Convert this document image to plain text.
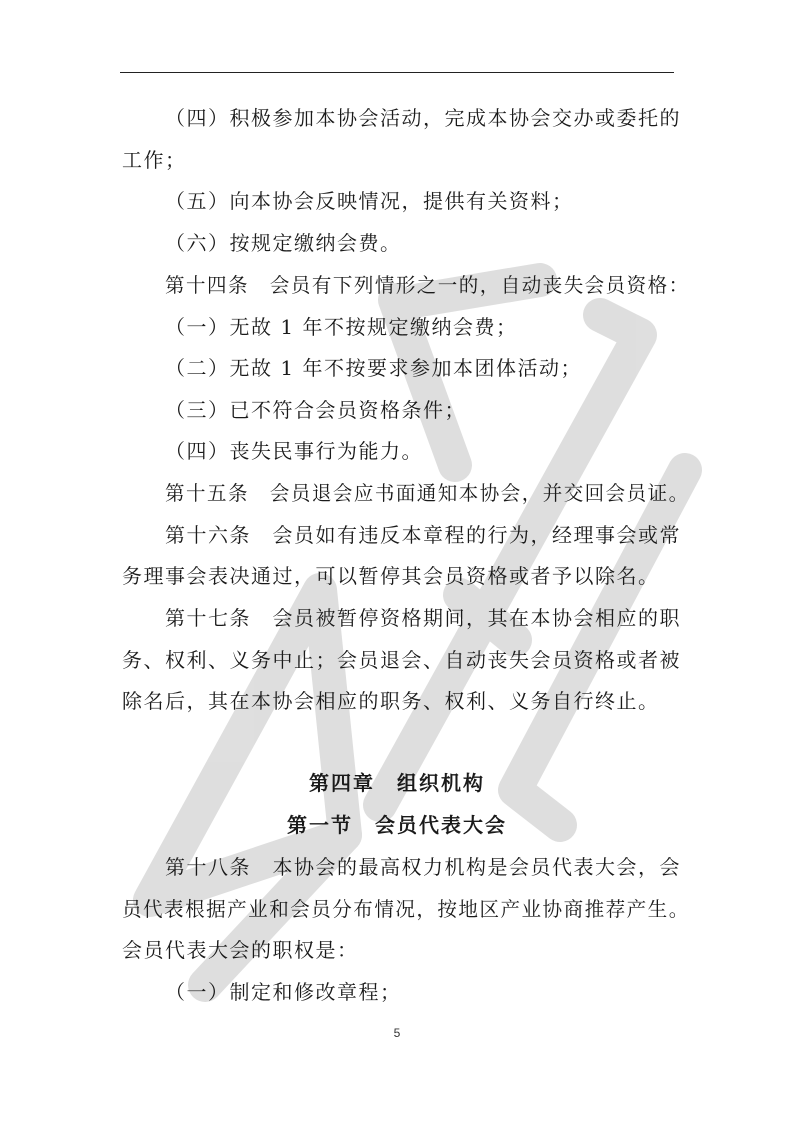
（四）积极参加本协会活动，完成本协会交办或委托的
工作；
（五）向本协会反映情况，提供有关资料；
（六）按规定缴纳会费。
第十四条　会员有下列情形之一的，自动丧失会员资格：
（一）无故 1 年不按规定缴纳会费；
（二）无故 1 年不按要求参加本团体活动；
（三）已不符合会员资格条件；
（四）丧失民事行为能力。
第十五条　会员退会应书面通知本协会，并交回会员证。
第十六条　会员如有违反本章程的行为，经理事会或常
务理事会表决通过，可以暂停其会员资格或者予以除名。
第十七条　会员被暂停资格期间，其在本协会相应的职
务、权利、义务中止；会员退会、自动丧失会员资格或者被
除名后，其在本协会相应的职务、权利、义务自行终止。
第四章　组织机构
第一节　会员代表大会
第十八条　本协会的最高权力机构是会员代表大会，会
员代表根据产业和会员分布情况，按地区产业协商推荐产生。
会员代表大会的职权是：
（一）制定和修改章程；
5
